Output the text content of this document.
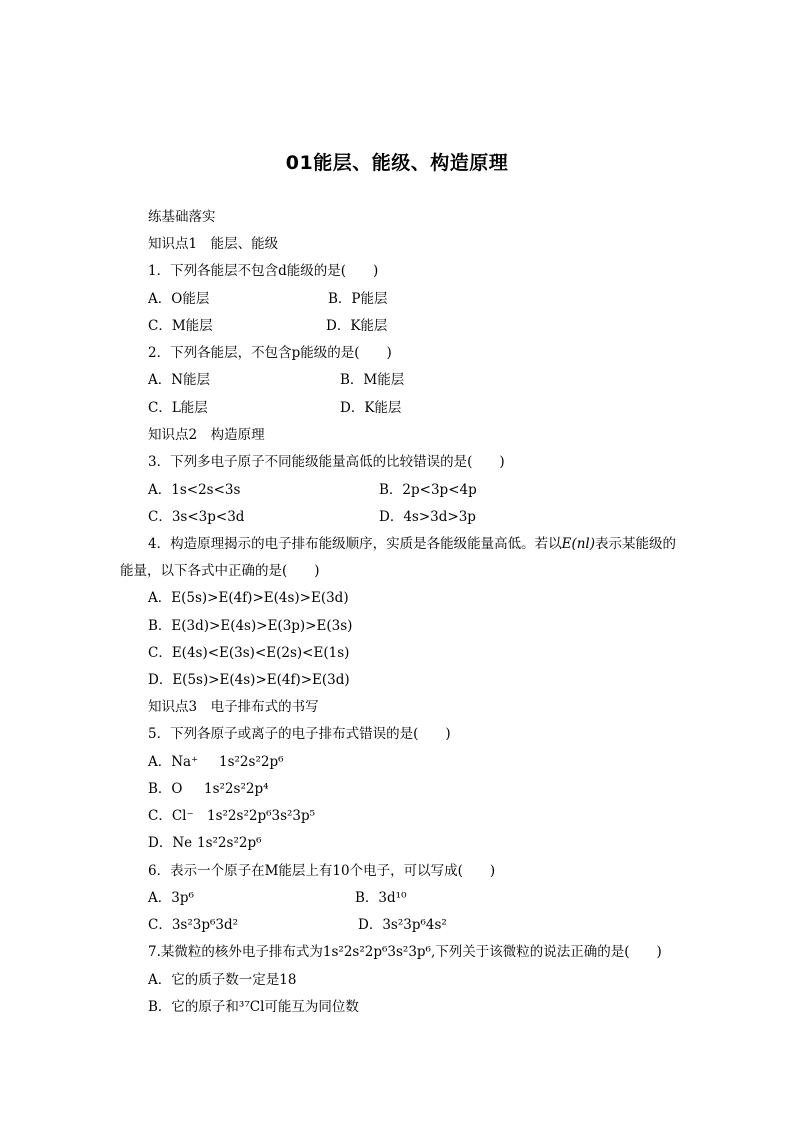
01能层、能级、构造原理
练基础落实
知识点1　能层、能级
1．下列各能层不包含d能级的是(　　)
A．O能层	B．P能层
C．M能层	D．K能层
2．下列各能层，不包含p能级的是(　　)
A．N能层	B．M能层
C．L能层	D．K能层
知识点2　构造原理
3．下列多电子原子不同能级能量高低的比较错误的是(　　)
A．1s<2s<3s	B．2p<3p<4p
C．3s<3p<3d	D．4s>3d>3p
4．构造原理揭示的电子排布能级顺序，实质是各能级能量高低。若以E(nl)表示某能级的能量，以下各式中正确的是(　　)
A．E(5s)>E(4f)>E(4s)>E(3d)
B．E(3d)>E(4s)>E(3p)>E(3s)
C．E(4s)<E(3s)<E(2s)<E(1s)
D．E(5s)>E(4s)>E(4f)>E(3d)
知识点3　电子排布式的书写
5．下列各原子或离子的电子排布式错误的是(　　)
A．Na⁺ 1s²2s²2p⁶
B．O 1s²2s²2p⁴
C．Cl⁻ 1s²2s²2p⁶3s²3p⁵
D．Ne 1s²2s²2p⁶
6．表示一个原子在M能层上有10个电子，可以写成(　　)
A．3p⁶	B．3d¹⁰
C．3s²3p⁶3d²	D．3s²3p⁶4s²
7.某微粒的核外电子排布式为1s²2s²2p⁶3s²3p⁶,下列关于该微粒的说法正确的是(　　)
A．它的质子数一定是18
B．它的原子和³⁷Cl可能互为同位数
